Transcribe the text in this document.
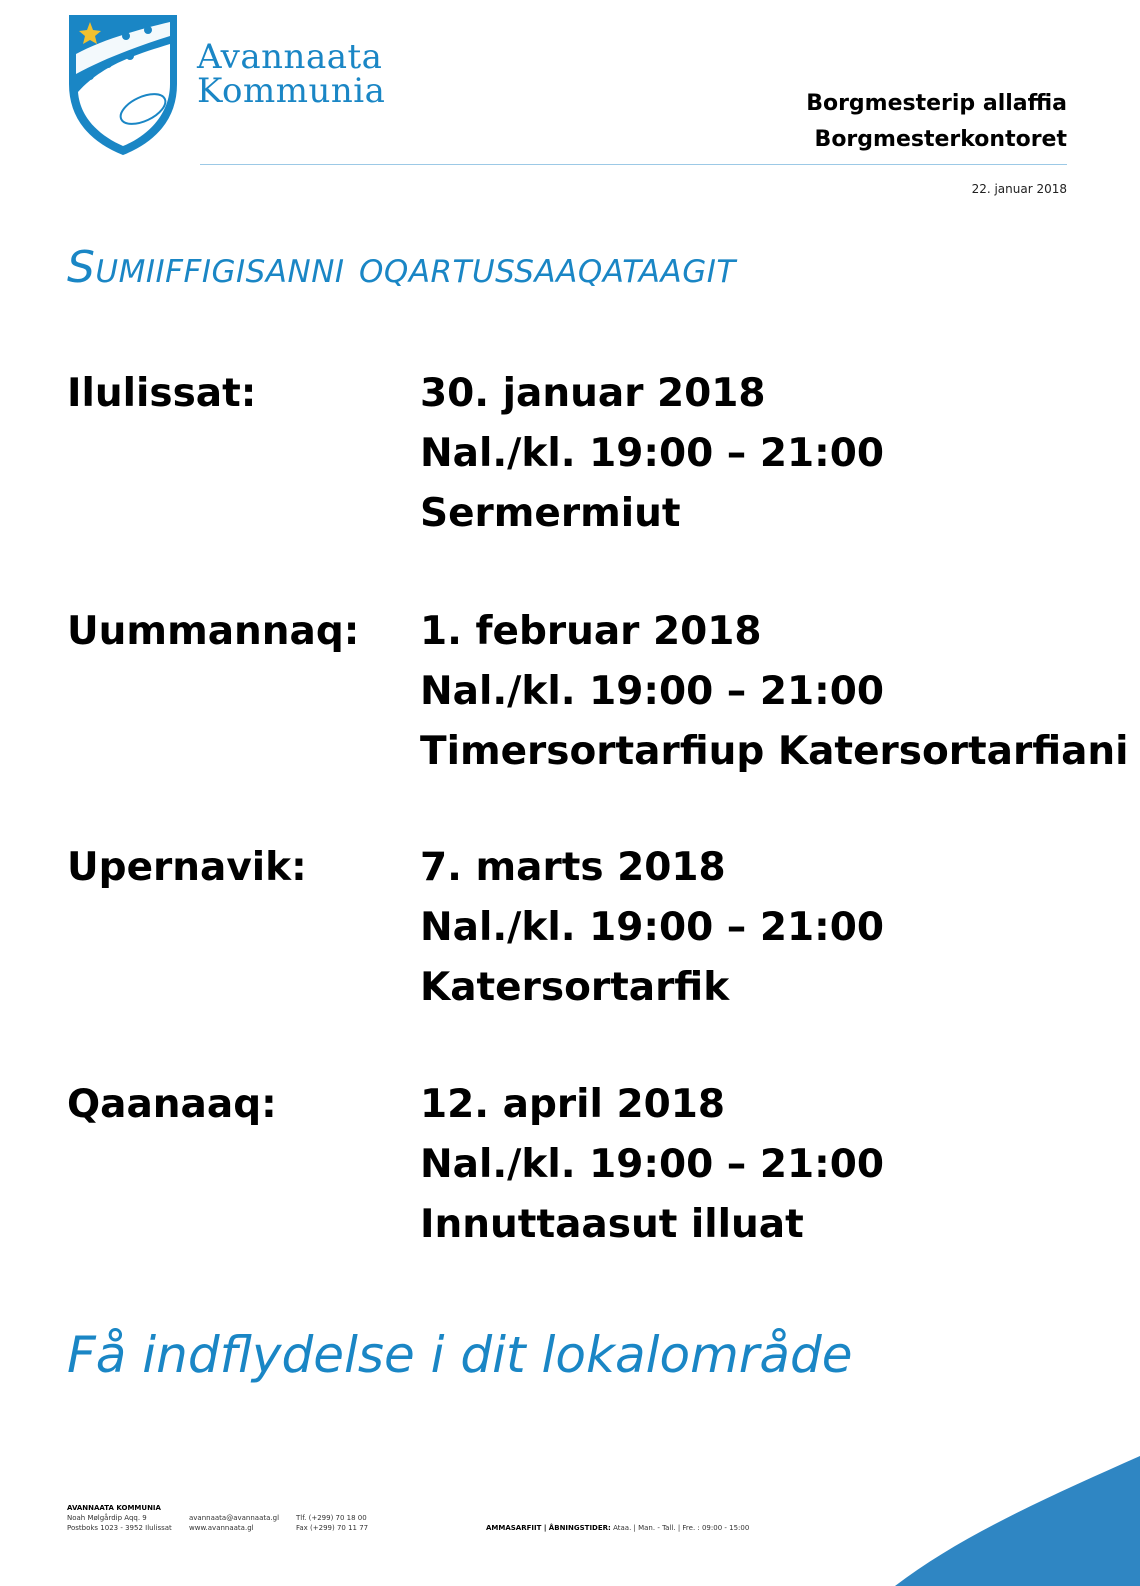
Avannaata
Kommunia	Borgmesterip allaffia
Borgmesterkontoret
22. januar 2018
Sumiiffigisanni oqartussaaqataagit
Ilulissat:	30. januar 2018
Nal./kl. 19:00 – 21:00
Sermermiut
Uummannaq: 1. februar 2018
Nal./kl. 19:00 – 21:00
Timersortarfiup Katersortarfiani
Upernavik:	7. marts 2018
Nal./kl. 19:00 – 21:00
Katersortarfik
Qaanaaq:	12. april 2018
Nal./kl. 19:00 – 21:00
Innuttaasut illuat
Få indflydelse i dit lokalområde
AVANNAATA KOMMUNIA
Noah Mølgårdip Aqq. 9
Postboks 1023 - 3952 Ilulissat
avannaata@avannaata.gl
www.avannaata.gl
Tlf. (+299) 70 18 00
Fax (+299) 70 11 77	AMMASARFIIT | ÅBNINGSTIDER: Ataa. | Man. - Tall. | Fre. : 09:00 - 15:00
